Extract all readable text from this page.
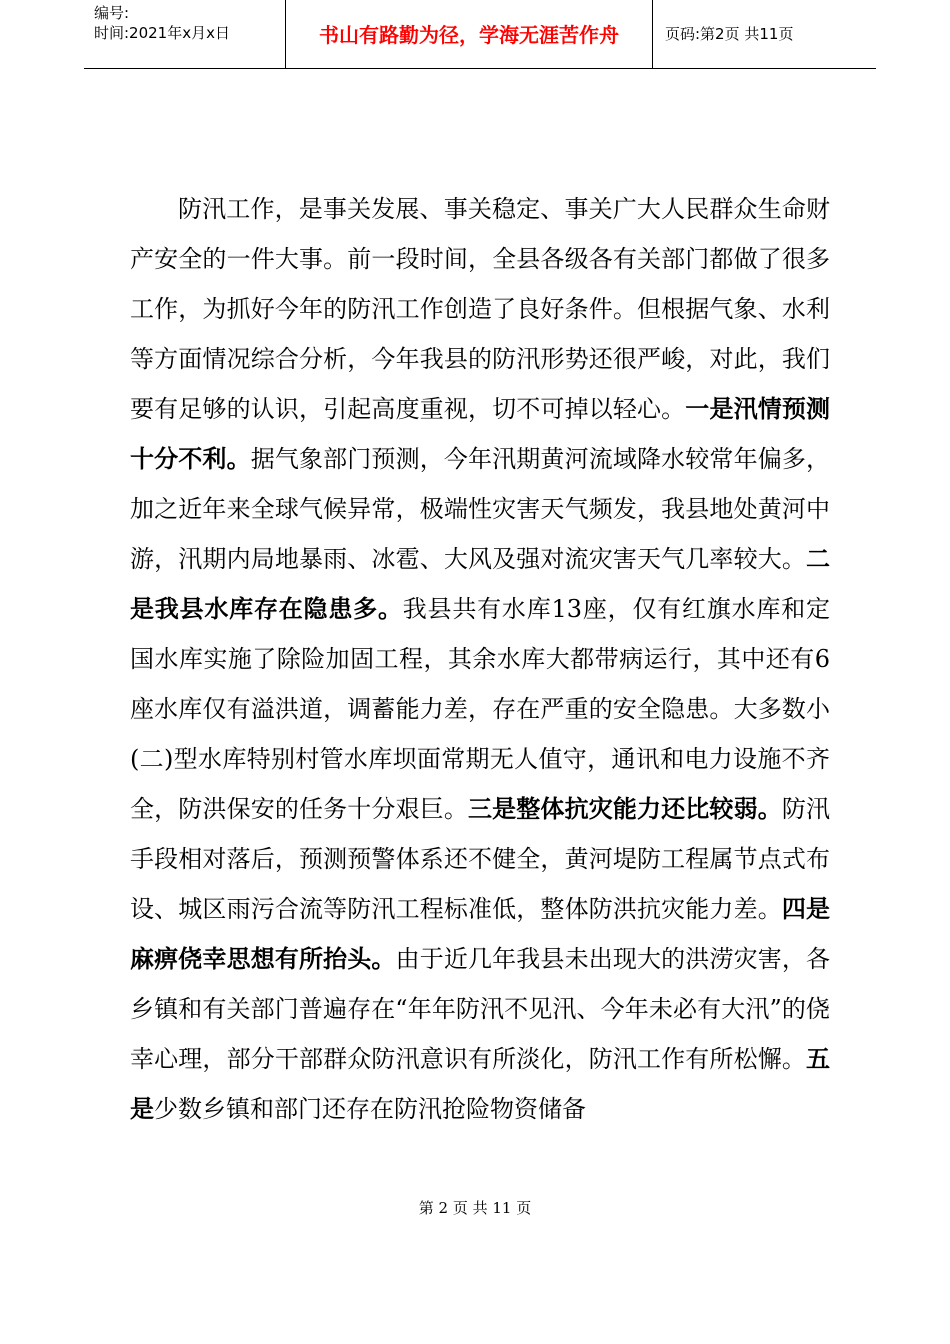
编号:
时间:2021年x月x日	书山有路勤为径，学海无涯苦作舟	页码:第2页 共11页

防汛工作，是事关发展、事关稳定、事关广大人民群众生命财产安全的一件大事。前一段时间，全县各级各有关部门都做了很多工作，为抓好今年的防汛工作创造了良好条件。但根据气象、水利等方面情况综合分析，今年我县的防汛形势还很严峻，对此，我们要有足够的认识，引起高度重视，切不可掉以轻心。一是汛情预测十分不利。据气象部门预测，今年汛期黄河流域降水较常年偏多，加之近年来全球气候异常，极端性灾害天气频发，我县地处黄河中游，汛期内局地暴雨、冰雹、大风及强对流灾害天气几率较大。二是我县水库存在隐患多。我县共有水库13座，仅有红旗水库和定国水库实施了除险加固工程，其余水库大都带病运行，其中还有6座水库仅有溢洪道，调蓄能力差，存在严重的安全隐患。大多数小(二)型水库特别村管水库坝面常期无人值守，通讯和电力设施不齐全，防洪保安的任务十分艰巨。三是整体抗灾能力还比较弱。防汛手段相对落后，预测预警体系还不健全，黄河堤防工程属节点式布设、城区雨污合流等防汛工程标准低，整体防洪抗灾能力差。四是麻痹侥幸思想有所抬头。由于近几年我县未出现大的洪涝灾害，各乡镇和有关部门普遍存在“年年防汛不见汛、今年未必有大汛”的侥幸心理，部分干部群众防汛意识有所淡化，防汛工作有所松懈。五是少数乡镇和部门还存在防汛抢险物资储备

第 2 页 共 11 页
